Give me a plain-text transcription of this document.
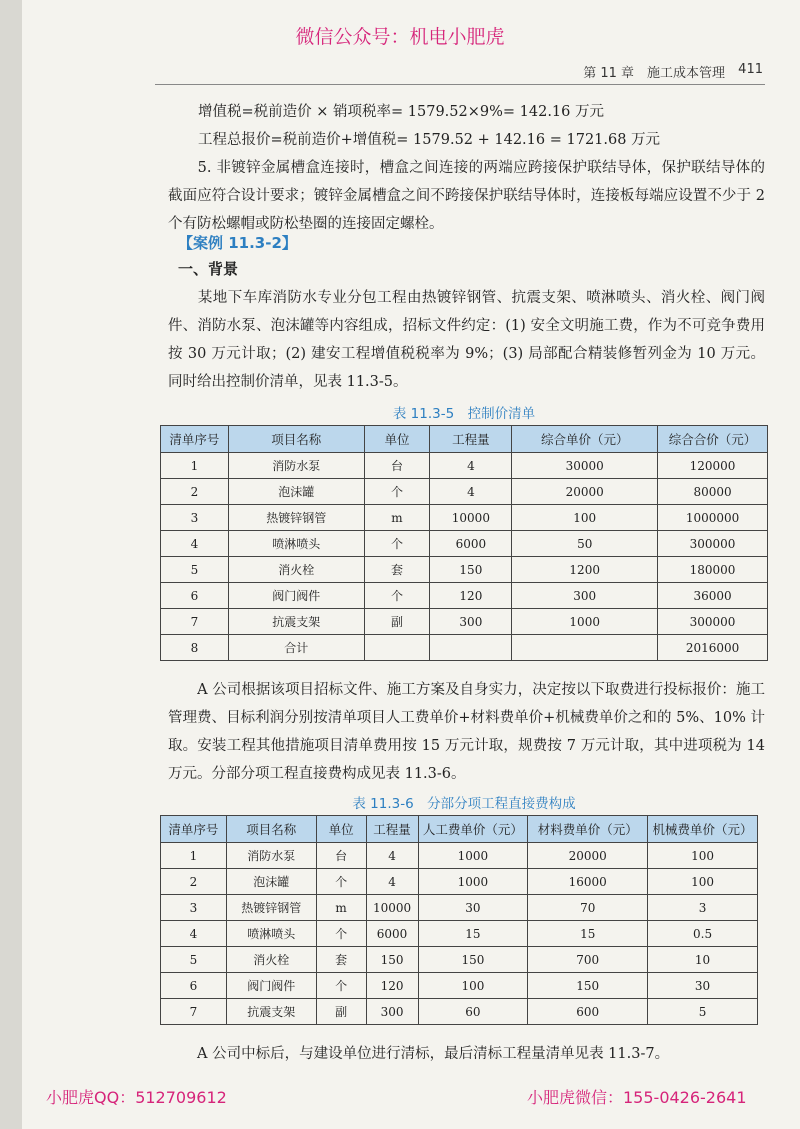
微信公众号：机电小肥虎
第 11 章　施工成本管理 411
增值税=税前造价 × 销项税率= 1579.52×9%= 142.16 万元
工程总报价=税前造价+增值税= 1579.52 + 142.16 = 1721.68 万元
　　5. 非镀锌金属槽盒连接时，槽盒之间连接的两端应跨接保护联结导体，保护联结导体的截面应符合设计要求；镀锌金属槽盒之间不跨接保护联结导体时，连接板每端应设置不少于 2 个有防松螺帽或防松垫圈的连接固定螺栓。
　　某地下车库消防水专业分包工程由热镀锌钢管、抗震支架、喷淋喷头、消火栓、阀门阀件、消防水泵、泡沫罐等内容组成，招标文件约定：(1) 安全文明施工费，作为不可竞争费用按 30 万元计取；(2) 建安工程增值税税率为 9%；(3) 局部配合精装修暂列金为 10 万元。同时给出控制价清单，见表 11.3-5。
　　A 公司根据该项目招标文件、施工方案及自身实力，决定按以下取费进行投标报价：施工管理费、目标利润分别按清单项目人工费单价+材料费单价+机械费单价之和的 5%、10% 计取。安装工程其他措施项目清单费用按 15 万元计取，规费按 7 万元计取，其中进项税为 14 万元。分部分项工程直接费构成见表 11.3-6。
　　A 公司中标后，与建设单位进行清标，最后清标工程量清单见表 11.3-7。
【案例 11.3-2】
一、背景
表 11.3-5　控制价清单
清单序号	项目名称	单位	工程量	综合单价（元）	综合合价（元）
1	消防水泵	台	4	30000	120000
2	泡沫罐	个	4	20000	80000
3	热镀锌钢管	m	10000	100	1000000
4	喷淋喷头	个	6000	50	300000
5	消火栓	套	150	1200	180000
6	阀门阀件	个	120	300	36000
7	抗震支架	副	300	1000	300000
8	合计				2016000
表 11.3-6　分部分项工程直接费构成
清单序号	项目名称	单位	工程量	人工费单价（元）	材料费单价（元）	机械费单价（元）
1	消防水泵	台	4	1000	20000	100
2	泡沫罐	个	4	1000	16000	100
3	热镀锌钢管	m	10000	30	70	3
4	喷淋喷头	个	6000	15	15	0.5
5	消火栓	套	150	150	700	10
6	阀门阀件	个	120	100	150	30
7	抗震支架	副	300	60	600	5
小肥虎QQ：512709612	小肥虎微信：155-0426-2641
